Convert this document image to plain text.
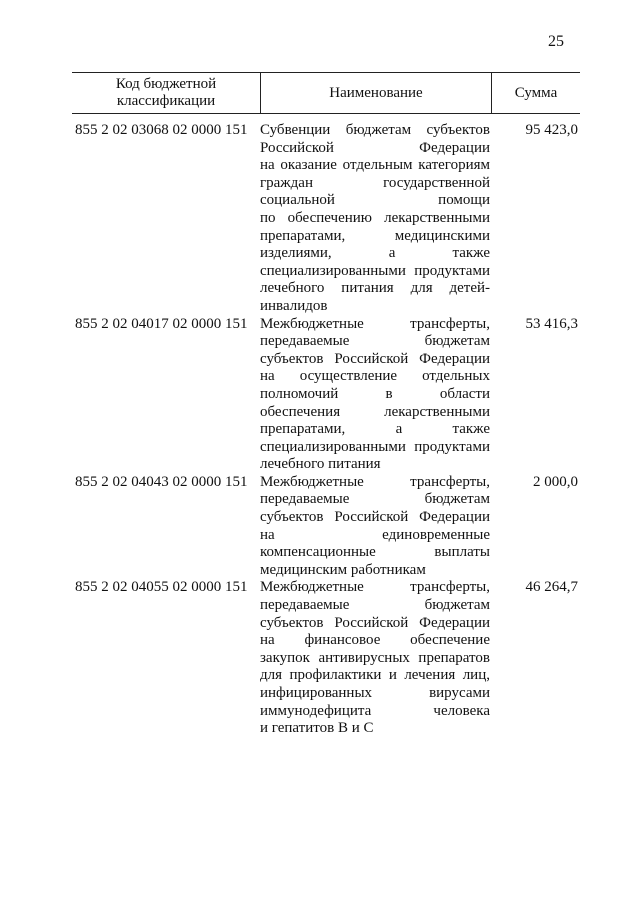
25
Код бюджетной классификации
Наименование	Сумма
855 2 02 03068 02 0000 151 Субвенции бюджетам субъектов
Российской Федерации
на оказание отдельным категориям
граждан государственной
социальной помощи
по обеспечению лекарственными
препаратами, медицинскими
изделиями, а также
специализированными продуктами
лечебного питания для детей-
инвалидов
95 423,0
855 2 02 04017 02 0000 151 Межбюджетные трансферты,
передаваемые бюджетам
субъектов Российской Федерации
на осуществление отдельных
полномочий в области
обеспечения лекарственными
препаратами, а также
специализированными продуктами
лечебного питания
53 416,3
855 2 02 04043 02 0000 151 Межбюджетные трансферты,
передаваемые бюджетам
субъектов Российской Федерации
на единовременные
компенсационные выплаты
медицинским работникам
2 000,0
855 2 02 04055 02 0000 151 Межбюджетные трансферты,
передаваемые бюджетам
субъектов Российской Федерации
на финансовое обеспечение
закупок антивирусных препаратов
для профилактики и лечения лиц,
инфицированных вирусами
иммунодефицита человека
и гепатитов В и С
46 264,7
